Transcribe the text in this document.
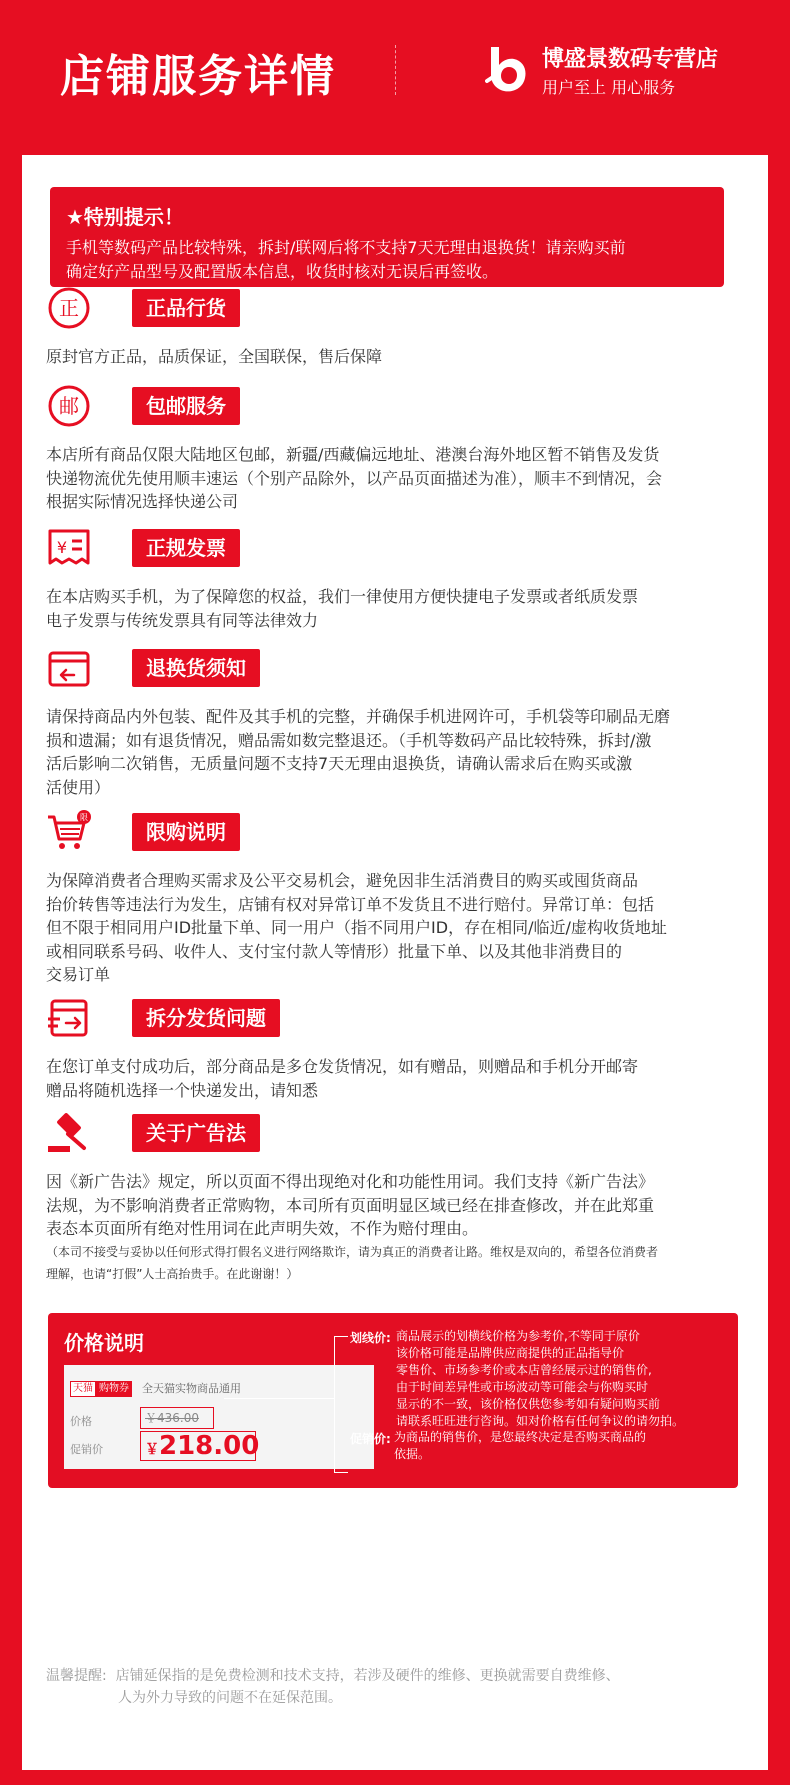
店铺服务详情	博盛景数码专营店
用户至上 用心服务
★特别提示！
手机等数码产品比较特殊，拆封/联网后将不支持7天无理由退换货！请亲购买前
确定好产品型号及配置版本信息，收货时核对无误后再签收。
正	正品行货
原封官方正品，品质保证，全国联保，售后保障
邮	包邮服务
本店所有商品仅限大陆地区包邮，新疆/西藏偏远地址、港澳台海外地区暂不销售及发货
快递物流优先使用顺丰速运（个别产品除外，以产品页面描述为准），顺丰不到情况，会
根据实际情况选择快递公司
¥	正规发票
在本店购买手机，为了保障您的权益，我们一律使用方便快捷电子发票或者纸质发票
电子发票与传统发票具有同等法律效力
退换货须知
请保持商品内外包装、配件及其手机的完整，并确保手机进网许可，手机袋等印刷品无磨
损和遗漏；如有退货情况，赠品需如数完整退还。（手机等数码产品比较特殊，拆封/激
活后影响二次销售，无质量问题不支持7天无理由退换货，请确认需求后在购买或激
活使用）
限
限购说明
为保障消费者合理购买需求及公平交易机会，避免因非生活消费目的购买或囤货商品
抬价转售等违法行为发生，店铺有权对异常订单不发货且不进行赔付。异常订单：包括
但不限于相同用户ID批量下单、同一用户（指不同用户ID，存在相同/临近/虚构收货地址
或相同联系号码、收件人、支付宝付款人等情形）批量下单、以及其他非消费目的
交易订单
拆分发货问题
在您订单支付成功后，部分商品是多仓发货情况，如有赠品，则赠品和手机分开邮寄
赠品将随机选择一个快递发出，请知悉
关于广告法
因《新广告法》规定，所以页面不得出现绝对化和功能性用词。我们支持《新广告法》
法规，为不影响消费者正常购物，本司所有页面明显区域已经在排查修改，并在此郑重
表态本页面所有绝对性用词在此声明失效，不作为赔付理由。
（本司不接受与妥协以任何形式得打假名义进行网络欺诈，请为真正的消费者让路。维权是双向的，希望各位消费者
理解，也请“打假”人士高抬贵手。在此谢谢！）
价格说明
天猫 购物券 全天猫实物商品通用
价格	￥436.00
促销价	￥218.00
划线价: 商品展示的划横线价格为参考价,不等同于原价
该价格可能是品牌供应商提供的正品指导价
零售价、市场参考价或本店曾经展示过的销售价,
由于时间差异性或市场波动等可能会与你购买时
显示的不一致，该价格仅供您参考如有疑问购买前
请联系旺旺进行咨询。如对价格有任何争议的请勿拍。
促销价: 为商品的销售价，是您最终决定是否购买商品的
依据。
温馨提醒: 店铺延保指的是免费检测和技术支持，若涉及硬件的维修、更换就需要自费维修、
人为外力导致的问题不在延保范围。
